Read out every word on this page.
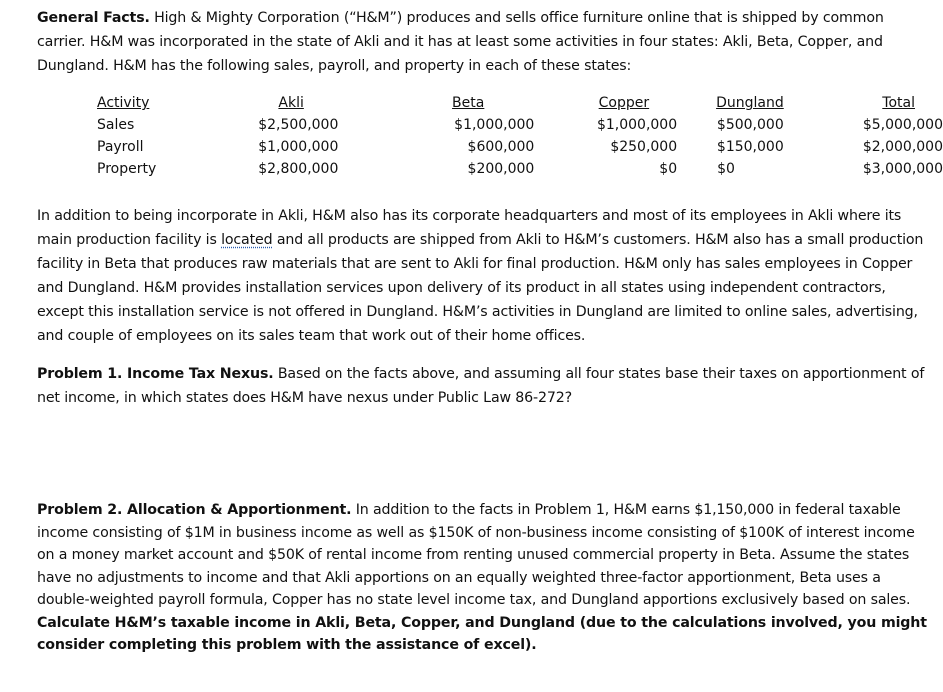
General Facts. High & Mighty Corporation (“H&M”) produces and sells office furniture online that is shipped by common carrier. H&M was incorporated in the state of Akli and it has at least some activities in four states: Akli, Beta, Copper, and Dungland. H&M has the following sales, payroll, and property in each of these states:

Activity	Akli	Beta	Copper	Dungland	Total
Sales	$2,500,000	$1,000,000	$1,000,000	$500,000	$5,000,000
Payroll	$1,000,000	$600,000	$250,000	$150,000	$2,000,000
Property	$2,800,000	$200,000	$0	$0	$3,000,000

In addition to being incorporate in Akli, H&M also has its corporate headquarters and most of its employees in Akli where its main production facility is located and all products are shipped from Akli to H&M’s customers. H&M also has a small production facility in Beta that produces raw materials that are sent to Akli for final production. H&M only has sales employees in Copper and Dungland. H&M provides installation services upon delivery of its product in all states using independent contractors, except this installation service is not offered in Dungland. H&M’s activities in Dungland are limited to online sales, advertising, and couple of employees on its sales team that work out of their home offices.

Problem 1. Income Tax Nexus. Based on the facts above, and assuming all four states base their taxes on apportionment of net income, in which states does H&M have nexus under Public Law 86-272?

Problem 2. Allocation & Apportionment. In addition to the facts in Problem 1, H&M earns $1,150,000 in federal taxable income consisting of $1M in business income as well as $150K of non-business income consisting of $100K of interest income on a money market account and $50K of rental income from renting unused commercial property in Beta. Assume the states have no adjustments to income and that Akli apportions on an equally weighted three-factor apportionment, Beta uses a double-weighted payroll formula, Copper has no state level income tax, and Dungland apportions exclusively based on sales. Calculate H&M’s taxable income in Akli, Beta, Copper, and Dungland (due to the calculations involved, you might consider completing this problem with the assistance of excel).
